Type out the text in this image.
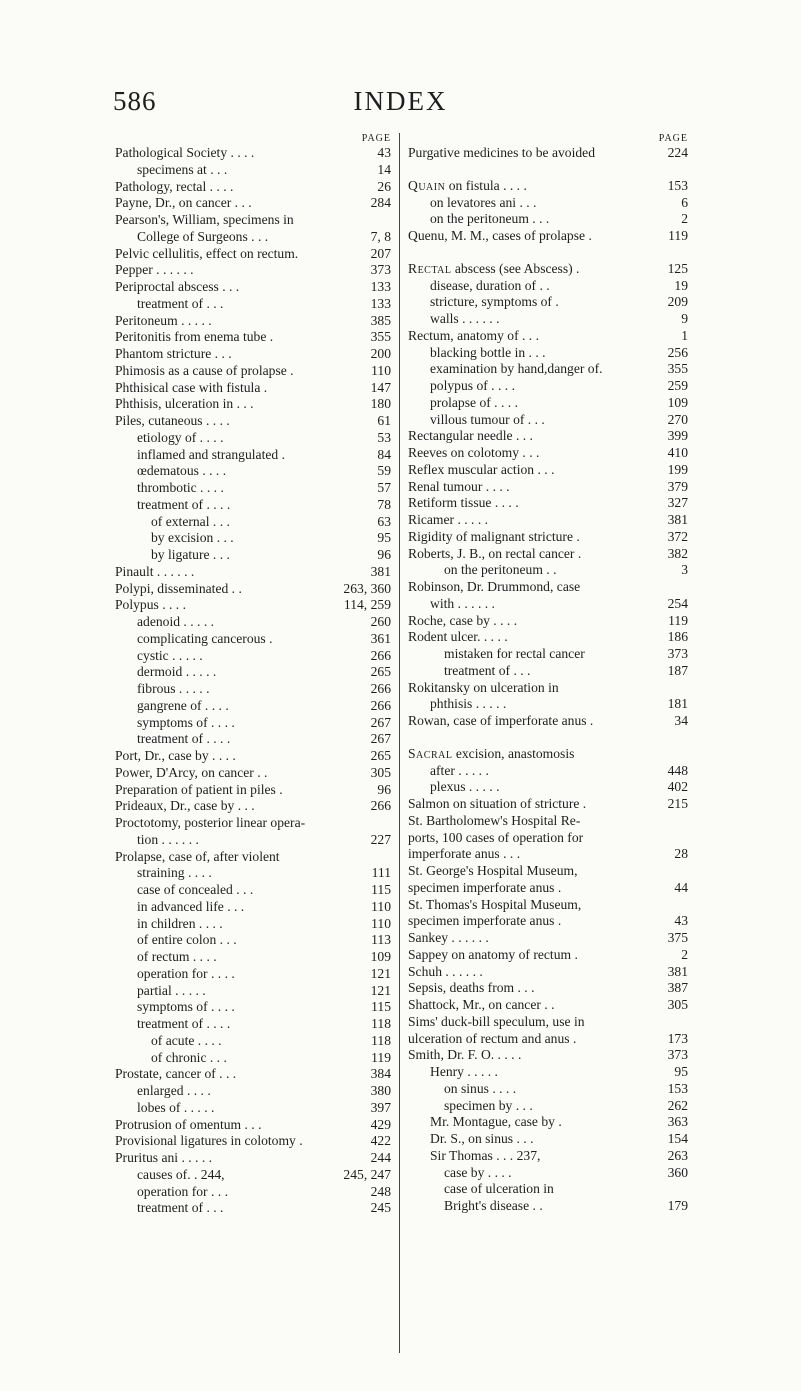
586	INDEX
PAGE
Pathological Society . . . .	43
specimens at . . .	14
Pathology, rectal . . . .	26
Payne, Dr., on cancer . . .	284
Pearson's, William, specimens in
College of Surgeons . . .	7, 8
Pelvic cellulitis, effect on rectum.	207
Pepper . . . . . .	373
Periproctal abscess . . .	133
treatment of . . .	133
Peritoneum . . . . .	385
Peritonitis from enema tube .	355
Phantom stricture . . .	200
Phimosis as a cause of prolapse .	110
Phthisical case with fistula .	147
Phthisis, ulceration in . . .	180
Piles, cutaneous . . . .	61
etiology of . . . .	53
inflamed and strangulated .	84
œdematous . . . .	59
thrombotic . . . .	57
treatment of . . . .	78
of external . . .	63
by excision . . .	95
by ligature . . .	96
Pinault . . . . . .	381
Polypi, disseminated . .	263, 360
Polypus . . . .	114, 259
adenoid . . . . .	260
complicating cancerous .	361
cystic . . . . .	266
dermoid . . . . .	265
fibrous . . . . .	266
gangrene of . . . .	266
symptoms of . . . .	267
treatment of . . . .	267
Port, Dr., case by . . . .	265
Power, D'Arcy, on cancer . .	305
Preparation of patient in piles .	96
Prideaux, Dr., case by . . .	266
Proctotomy, posterior linear opera-
tion . . . . . .	227
Prolapse, case of, after violent
straining . . . .	111
case of concealed . . .	115
in advanced life . . .	110
in children . . . .	110
of entire colon . . .	113
of rectum . . . .	109
operation for . . . .	121
partial . . . . .	121
symptoms of . . . .	115
treatment of . . . .	118
of acute . . . .	118
of chronic . . .	119
Prostate, cancer of . . .	384
enlarged . . . .	380
lobes of . . . . .	397
Protrusion of omentum . . .	429
Provisional ligatures in colotomy .	422
Pruritus ani . . . . .	244
causes of. . 244,	245, 247
operation for . . .	248
treatment of . . .	245
PAGE
Purgative medicines to be avoided	224
Quain on fistula . . . .	153
on levatores ani . . .	6
on the peritoneum . . .	2
Quenu, M. M., cases of prolapse .	119
Rectal abscess (see Abscess) .	125
disease, duration of . .	19
stricture, symptoms of .	209
walls . . . . . .	9
Rectum, anatomy of . . .	1
blacking bottle in . . .	256
examination by hand,danger of.	355
polypus of . . . .	259
prolapse of . . . .	109
villous tumour of . . .	270
Rectangular needle . . .	399
Reeves on colotomy . . .	410
Reflex muscular action . . .	199
Renal tumour . . . .	379
Retiform tissue . . . .	327
Ricamer . . . . .	381
Rigidity of malignant stricture .	372
Roberts, J. B., on rectal cancer .	382
on the peritoneum . .	3
Robinson, Dr. Drummond, case
with . . . . . .	254
Roche, case by . . . .	119
Rodent ulcer. . . . .	186
mistaken for rectal cancer	373
treatment of . . .	187
Rokitansky on ulceration in
phthisis . . . . .	181
Rowan, case of imperforate anus .	34
Sacral excision, anastomosis
after . . . . .	448
plexus . . . . .	402
Salmon on situation of stricture .	215
St. Bartholomew's Hospital Re-
ports, 100 cases of operation for
imperforate anus . . .	28
St. George's Hospital Museum,
specimen imperforate anus .	44
St. Thomas's Hospital Museum,
specimen imperforate anus .	43
Sankey . . . . . .	375
Sappey on anatomy of rectum .	2
Schuh . . . . . .	381
Sepsis, deaths from . . .	387
Shattock, Mr., on cancer . .	305
Sims' duck-bill speculum, use in
ulceration of rectum and anus .	173
Smith, Dr. F. O. . . . .	373
Henry . . . . .	95
on sinus . . . .	153
specimen by . . .	262
Mr. Montague, case by .	363
Dr. S., on sinus . . .	154
Sir Thomas . . . 237,	263
case by . . . .	360
case of ulceration in
Bright's disease . .	179
